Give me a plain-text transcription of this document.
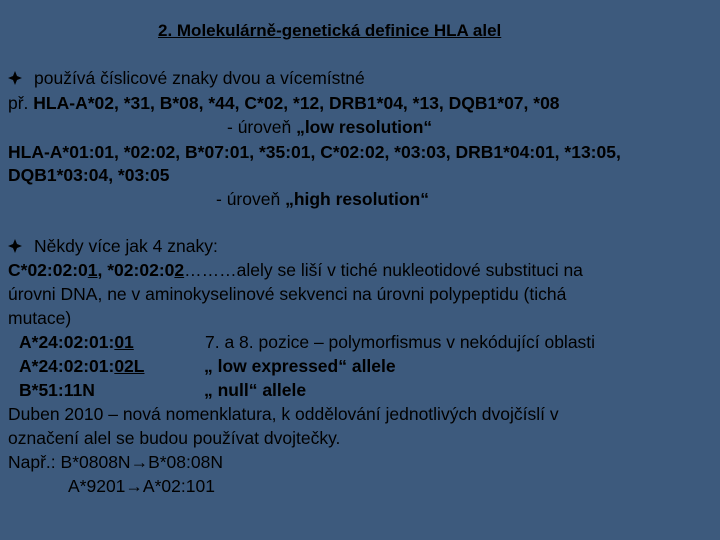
2. Molekulárně-genetická definice HLA alel
používá číslicové znaky dvou a vícemístné
př. HLA-A*02, *31, B*08, *44, C*02, *12, DRB1*04, *13, DQB1*07, *08
- úroveň „low resolution“
HLA-A*01:01, *02:02, B*07:01, *35:01, C*02:02, *03:03, DRB1*04:01, *13:05,
DQB1*03:04, *03:05
- úroveň „high resolution“
Někdy více jak 4 znaky:
C*02:02:01, *02:02:02………alely se liší v tiché nukleotidové substituci na
úrovni DNA, ne v aminokyselinové sekvenci na úrovni polypeptidu (tichá
mutace)
A*24:02:01:01	7. a 8. pozice – polymorfismus v nekódující oblasti
A*24:02:01:02L	„ low expressed“ allele
B*51:11N	„ null“ allele
Duben 2010 – nová nomenklatura, k oddělování jednotlivých dvojčíslí v
označení alel se budou používat dvojtečky.
Např.: B*0808N→B*08:08N
A*9201→A*02:101
